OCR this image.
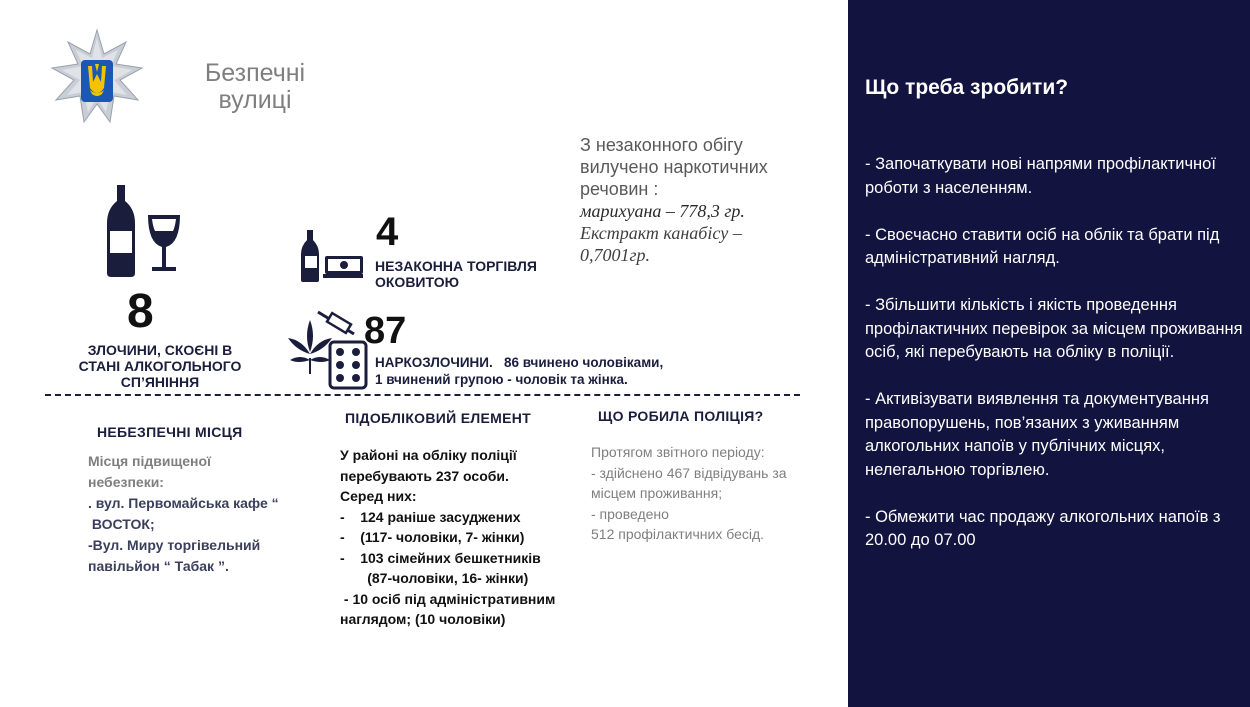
Безпечні
вулиці
З незаконного обігу
вилучено наркотичних
речовин :
марихуана – 778,3 гр.
Екстракт канабісу –
0,7001гр.
8
ЗЛОЧИНИ, СКОЄНІ В
СТАНІ АЛКОГОЛЬНОГО
СП’ЯНІННЯ
4
НЕЗАКОННА ТОРГІВЛЯ
ОКОВИТОЮ
87
НАРКОЗЛОЧИНИ.   86 вчинено чоловіками,
1 вчинений групою - чоловік та жінка.
НЕБЕЗПЕЧНІ МІСЦЯ
ПІДОБЛІКОВИЙ ЕЛЕМЕНТ	ЩО РОБИЛА ПОЛІЦІЯ?
Місця підвищеної
небезпеки:
. вул. Первомайська кафе “
ВОСТОК;
-Вул. Миру торгівельний
павільйон “ Табак ”.
У районі на обліку поліції
перебувають 237 особи.
Серед них:
-    124 раніше засуджених
-    (117- чоловіки, 7- жінки)
-    103 сімейних бешкетників
(87-чоловіки, 16- жінки)
- 10 осіб під адміністративним
наглядом; (10 чоловіки)
Протягом звітного періоду:
- здійснено 467 відвідувань за
місцем проживання;
- проведено
512 профілактичних бесід.
Що треба зробити?
- Започаткувати нові напрями профілактичної роботи з населенням.
- Своєчасно ставити осіб на облік та брати під адміністративний нагляд.
- Збільшити кількість і якість проведення профілактичних перевірок за місцем проживання осіб, які перебувають на обліку в поліції.
- Активізувати виявлення та документування правопорушень, пов’язаних з уживанням алкогольних напоїв у публічних місцях, нелегальною торгівлею.
- Обмежити час продажу алкогольних напоїв з 20.00 до 07.00
